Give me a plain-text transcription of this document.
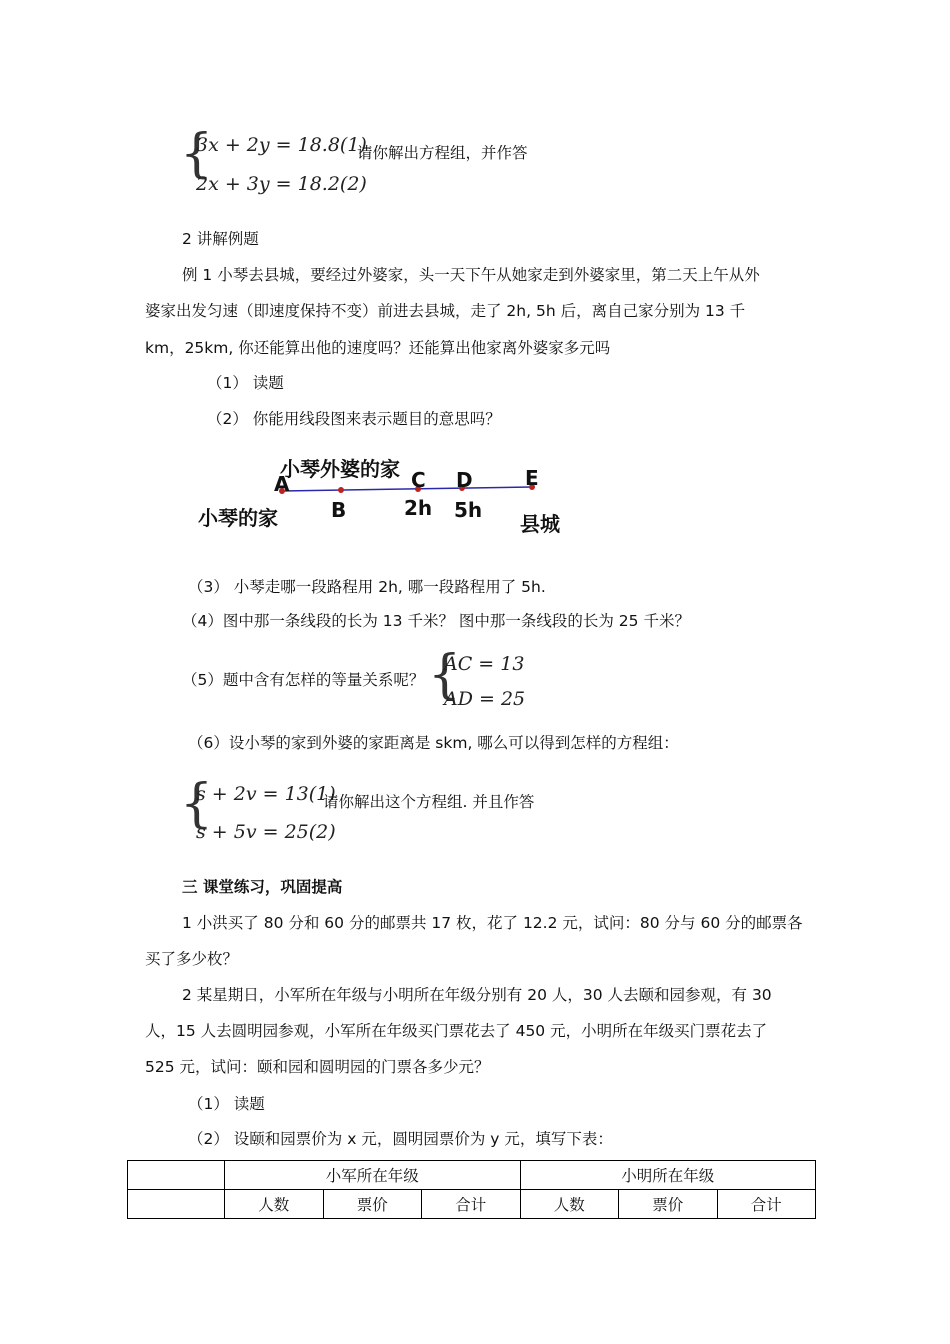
{
3x + 2y = 18.8(1)
2x + 3y = 18.2(2)
请你解出方程组，并作答
2 讲解例题
例 1 小琴去县城，要经过外婆家，头一天下午从她家走到外婆家里，第二天上午从外
婆家出发匀速（即速度保持不变）前进去县城，走了 2h, 5h 后，离自己家分别为 13 千
km，25km, 你还能算出他的速度吗？还能算出他家离外婆家多元吗
（1） 读题
（2） 你能用线段图来表示题目的意思吗？
小琴外婆的家
A	C D	E
小琴的家	B	2h 5h
县城
（3） 小琴走哪一段路程用 2h, 哪一段路程用了 5h.
（4）图中那一条线段的长为 13 千米？ 图中那一条线段的长为 25 千米？
（5）题中含有怎样的等量关系呢？ {
AC = 13
AD = 25
（6）设小琴的家到外婆的家距离是 skm, 哪么可以得到怎样的方程组：
{
s + 2v = 13(1)
s + 5v = 25(2)
请你解出这个方程组. 并且作答
三 课堂练习，巩固提高
1 小洪买了 80 分和 60 分的邮票共 17 枚，花了 12.2 元，试问：80 分与 60 分的邮票各
买了多少枚？
2 某星期日，小军所在年级与小明所在年级分别有 20 人，30 人去颐和园参观，有 30
人，15 人去圆明园参观，小军所在年级买门票花去了 450 元，小明所在年级买门票花去了
525 元，试问：颐和园和圆明园的门票各多少元？
（1） 读题
（2） 设颐和园票价为 x 元，圆明园票价为 y 元，填写下表：
	小军所在年级			小明所在年级		
	人数	票价	合计	人数	票价	合计
